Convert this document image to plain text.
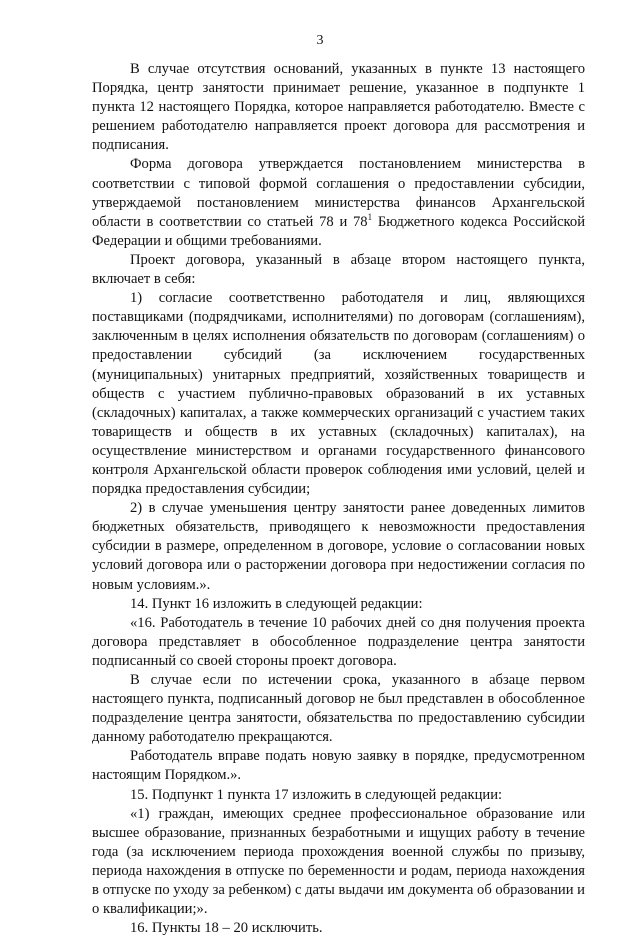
3

В случае отсутствия оснований, указанных в пункте 13 настоящего Порядка, центр занятости принимает решение, указанное в подпункте 1 пункта 12 настоящего Порядка, которое направляется работодателю. Вместе с решением работодателю направляется проект договора для рассмотрения и подписания.

Форма договора утверждается постановлением министерства в соответствии с типовой формой соглашения о предоставлении субсидии, утверждаемой постановлением министерства финансов Архангельской области в соответствии со статьей 78 и $78^1$ Бюджетного кодекса Российской Федерации и общими требованиями.

Проект договора, указанный в абзаце втором настоящего пункта, включает в себя:

1) согласие соответственно работодателя и лиц, являющихся поставщиками (подрядчиками, исполнителями) по договорам (соглашениям), заключенным в целях исполнения обязательств по договорам (соглашениям) о предоставлении субсидий (за исключением государственных (муниципальных) унитарных предприятий, хозяйственных товариществ и обществ с участием публично-правовых образований в их уставных (складочных) капиталах, а также коммерческих организаций с участием таких товариществ и обществ в их уставных (складочных) капиталах), на осуществление министерством и органами государственного финансового контроля Архангельской области проверок соблюдения ими условий, целей и порядка предоставления субсидии;

2) в случае уменьшения центру занятости ранее доведенных лимитов бюджетных обязательств, приводящего к невозможности предоставления субсидии в размере, определенном в договоре, условие о согласовании новых условий договора или о расторжении договора при недостижении согласия по новым условиям.».

14. Пункт 16 изложить в следующей редакции:

«16. Работодатель в течение 10 рабочих дней со дня получения проекта договора представляет в обособленное подразделение центра занятости подписанный со своей стороны проект договора.

В случае если по истечении срока, указанного в абзаце первом настоящего пункта, подписанный договор не был представлен в обособленное подразделение центра занятости, обязательства по предоставлению субсидии данному работодателю прекращаются.

Работодатель вправе подать новую заявку в порядке, предусмотренном настоящим Порядком.».

15. Подпункт 1 пункта 17 изложить в следующей редакции:

«1) граждан, имеющих среднее профессиональное образование или высшее образование, признанных безработными и ищущих работу в течение года (за исключением периода прохождения военной службы по призыву, периода нахождения в отпуске по беременности и родам, периода нахождения в отпуске по уходу за ребенком) с даты выдачи им документа об образовании и о квалификации;».

16. Пункты 18 – 20 исключить.
